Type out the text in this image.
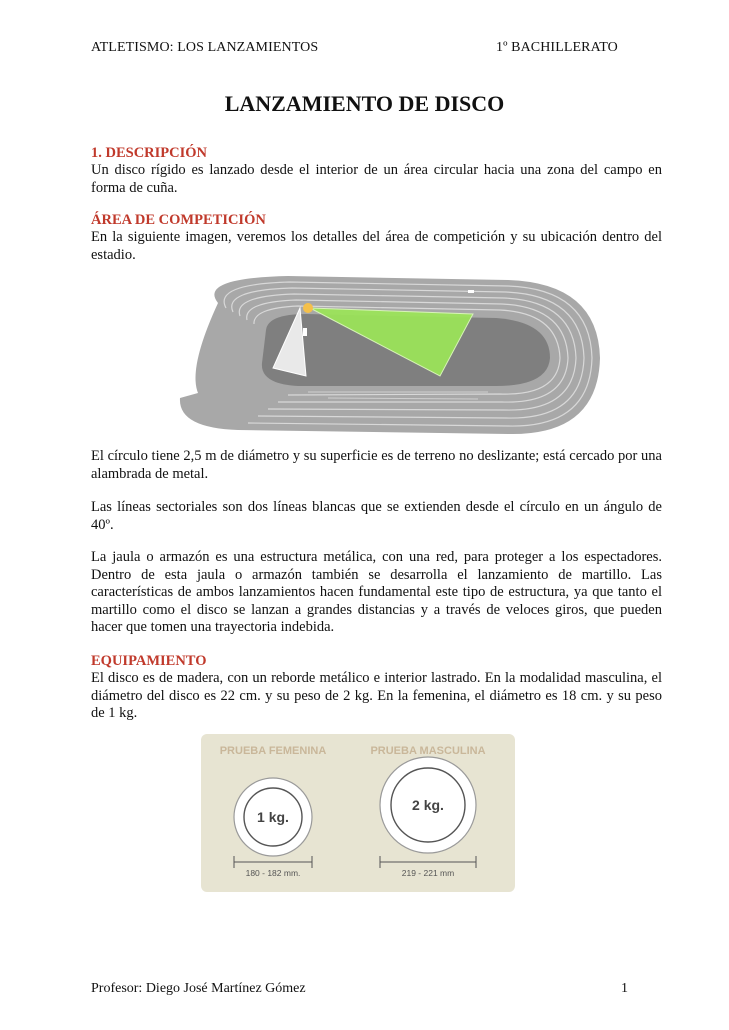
ATLETISMO: LOS LANZAMIENTOS	1º BACHILLERATO
LANZAMIENTO DE DISCO
1. DESCRIPCIÓN
Un disco rígido es lanzado desde el interior de un área circular hacia una zona del campo en forma de cuña.
ÁREA DE COMPETICIÓN
En la siguiente imagen, veremos los detalles del área de competición y su ubicación dentro del estadio.
El círculo tiene 2,5 m de diámetro y su superficie es de terreno no deslizante; está cercado por una alambrada de metal.
Las líneas sectoriales son dos líneas blancas que se extienden desde el círculo en un ángulo de 40º.
La jaula o armazón es una estructura metálica, con una red, para proteger a los espectadores. Dentro de esta jaula o armazón también se desarrolla el lanzamiento de martillo. Las características de ambos lanzamientos hacen fundamental este tipo de estructura, ya que tanto el martillo como el disco se lanzan a grandes distancias y a través de veloces giros, que pueden hacer que tomen una trayectoria indebida.
EQUIPAMIENTO
El disco es de madera, con un reborde metálico e interior lastrado. En la modalidad masculina, el diámetro del disco es 22 cm. y su peso de 2 kg. En la femenina, el diámetro es 18 cm. y su peso de 1 kg.
PRUEBA FEMENINA	PRUEBA MASCULINA
1 kg.
2 kg.
180 - 182 mm.	219 - 221 mm
Profesor: Diego José Martínez Gómez	1
